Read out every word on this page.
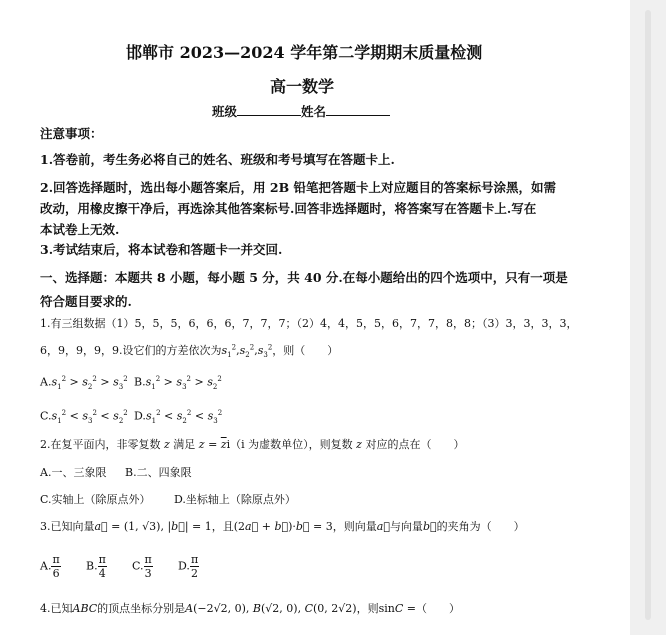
邯郸市 2023—2024 学年第二学期期末质量检测
高一数学
班级	姓名
注意事项：
1.答卷前，考生务必将自己的姓名、班级和考号填写在答题卡上.
2.回答选择题时，选出每小题答案后，用 2B 铅笔把答题卡上对应题目的答案标号涂黑，如需
改动，用橡皮擦干净后，再选涂其他答案标号.回答非选择题时，将答案写在答题卡上.写在
本试卷上无效.
3.考试结束后，将本试卷和答题卡一并交回.
一、选择题：本题共 8 小题，每小题 5 分，共 40 分.在每小题给出的四个选项中，只有一项是
符合题目要求的.
1.有三组数据（1）5，5，5，6，6，6，7，7，7；（2）4，4，5，5，6，7，7，8，8；（3）3，3，3，3，
6，9，9，9，9.设它们的方差依次为$s_1^2,s_2^2,s_3^2$，则（　　）
$A.s_1^2 > s_2^2 > s_3^2$ $B.s_1^2 > s_3^2 > s_2^2$
$C.s_1^2 < s_3^2 < s_2^2$ $D.s_1^2 < s_2^2 < s_3^2$
2.在复平面内，非零复数 z 满足 $z = \overline{z}i(i$ 为虚数单位），则复数 z 对应的点在（　　）
A.一、三象限 B.二、四象限
C.实轴上（除原点外） D.坐标轴上（除原点外）
3.已知向量a⃗ = (1, √3), |b⃗| = 1，且(2a⃗ + b⃗)·b⃗ = 3，则向量a⃗与向量b⃗的夹角为（　　）
A. $\frac{\pi}{6} B$. $\frac{\pi}{4} C$. $\frac{\pi}{3} D$. $\frac{\pi}{2}$
4.已知ABC的顶点坐标分别是A(−2√2, 0), B(√2, 0), C(0, 2√2)，则sinC =（　　）
